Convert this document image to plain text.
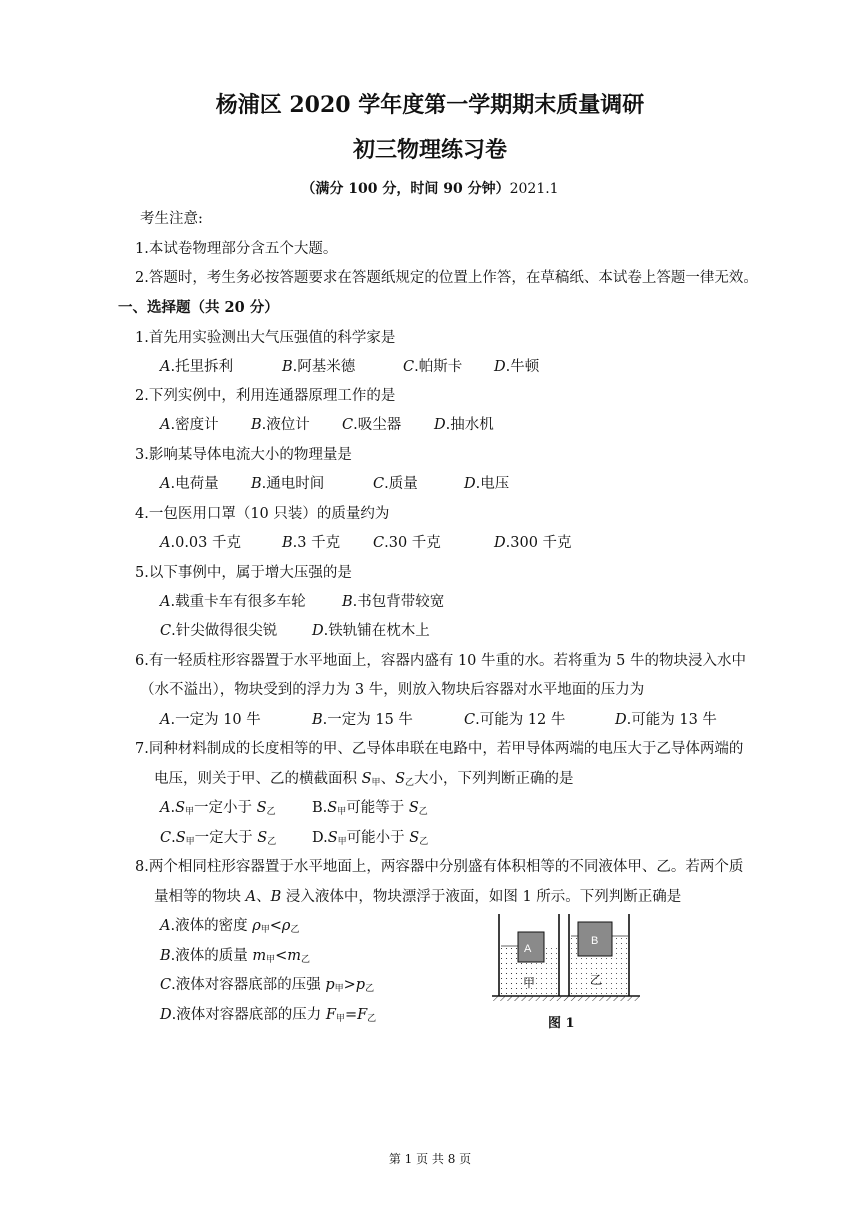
杨浦区 2020 学年度第一学期期末质量调研
初三物理练习卷
（满分 100 分，时间 90 分钟）2021.1
考生注意:
1.本试卷物理部分含五个大题。
2.答题时，考生务必按答题要求在答题纸规定的位置上作答，在草稿纸、本试卷上答题一律无效。
一、选择题（共 20 分）
1.首先用实验测出大气压强值的科学家是
A.托里拆利	B.阿基米德	C.帕斯卡 D.牛顿
2.下列实例中，利用连通器原理工作的是
A.密度计 B.液位计 C.吸尘器 D.抽水机
3.影响某导体电流大小的物理量是
A.电荷量 B.通电时间	C.质量	D.电压
4.一包医用口罩（10 只装）的质量约为
A.0.03 千克	B.3 千克 C.30 千克	D.300 千克
5.以下事例中，属于增大压强的是
A.载重卡车有很多车轮	B.书包背带较宽
C.针尖做得很尖锐 D.铁轨铺在枕木上
6.有一轻质柱形容器置于水平地面上，容器内盛有 10 牛重的水。若将重为 5 牛的物块浸入水中
（水不溢出），物块受到的浮力为 3 牛，则放入物块后容器对水平地面的压力为
A.一定为 10 牛	B.一定为 15 牛	C.可能为 12 牛	D.可能为 13 牛
7.同种材料制成的长度相等的甲、乙导体串联在电路中，若甲导体两端的电压大于乙导体两端的
电压，则关于甲、乙的横截面积 $S_甲$、$S_乙$大小，下列判断正确的是
$A.S_甲$一定小于 $S_乙$	$B.S_甲$可能等于 $S_乙$
$C.S_甲$一定大于 $S_乙$ $D.S_甲$可能小于 $S_乙$
8.两个相同柱形容器置于水平地面上，两容器中分别盛有体积相等的不同液体甲、乙。若两个质
量相等的物块 A、B 浸入液体中，物块漂浮于液面，如图 1 所示。下列判断正确是
A.液体的密度 $\rho_甲<\rho_乙$
B.液体的质量 $m_甲<m_乙$
C.液体对容器底部的压强 $p_甲>p_乙$
D.液体对容器底部的压力 $F_甲=F_乙$
A
B
甲	乙
图 1
第 1 页 共 8 页
